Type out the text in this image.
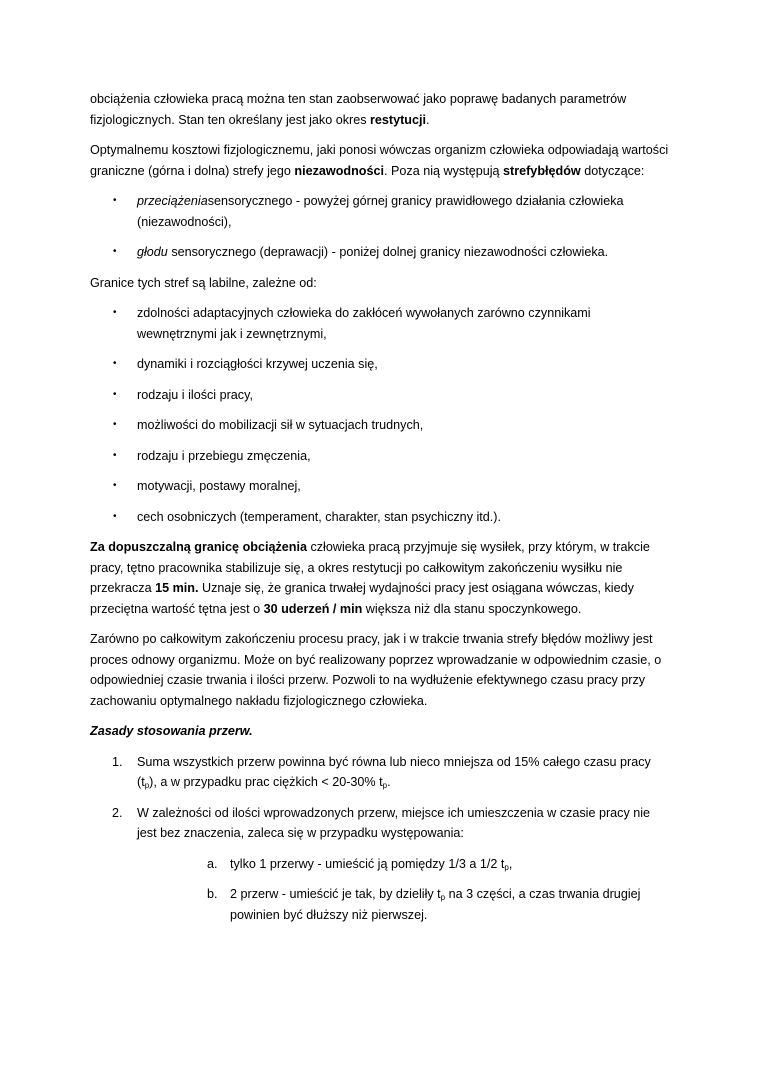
obciążenia człowieka pracą można ten stan zaobserwować jako poprawę badanych parametrów fizjologicznych. Stan ten określany jest jako okres restytucji.

Optymalnemu kosztowi fizjologicznemu, jaki ponosi wówczas organizm człowieka odpowiadają wartości graniczne (górna i dolna) strefy jego niezawodności. Poza nią występują strefybłędów dotyczące:

• przeciążeniasensorycznego - powyżej górnej granicy prawidłowego działania człowieka (niezawodności),
• głodu sensorycznego (deprawacji) - poniżej dolnej granicy niezawodności człowieka.

Granice tych stref są labilne, zależne od:

• zdolności adaptacyjnych człowieka do zakłóceń wywołanych zarówno czynnikami wewnętrznymi jak i zewnętrznymi,
• dynamiki i rozciągłości krzywej uczenia się,
• rodzaju i ilości pracy,
• możliwości do mobilizacji sił w sytuacjach trudnych,
• rodzaju i przebiegu zmęczenia,
• motywacji, postawy moralnej,
• cech osobniczych (temperament, charakter, stan psychiczny itd.).

Za dopuszczalną granicę obciążenia człowieka pracą przyjmuje się wysiłek, przy którym, w trakcie pracy, tętno pracownika stabilizuje się, a okres restytucji po całkowitym zakończeniu wysiłku nie przekracza 15 min. Uznaje się, że granica trwałej wydajności pracy jest osiągana wówczas, kiedy przeciętna wartość tętna jest o 30 uderzeń / min większa niż dla stanu spoczynkowego.

Zarówno po całkowitym zakończeniu procesu pracy, jak i w trakcie trwania strefy błędów możliwy jest proces odnowy organizmu. Może on być realizowany poprzez wprowadzanie w odpowiednim czasie, o odpowiedniej czasie trwania i ilości przerw. Pozwoli to na wydłużenie efektywnego czasu pracy przy zachowaniu optymalnego nakładu fizjologicznego człowieka.

Zasady stosowania przerw.

1. Suma wszystkich przerw powinna być równa lub nieco mniejsza od 15% całego czasu pracy $(t_p)$, a w przypadku prac ciężkich < 20-30% $t_p$.
2. W zależności od ilości wprowadzonych przerw, miejsce ich umieszczenia w czasie pracy nie jest bez znaczenia, zaleca się w przypadku występowania:
a. tylko 1 przerwy - umieścić ją pomiędzy 1/3 a 1/2 $t_p$,
b. 2 przerw - umieścić je tak, by dzieliły $t_p$ na 3 części, a czas trwania drugiej powinien być dłuższy niż pierwszej.
